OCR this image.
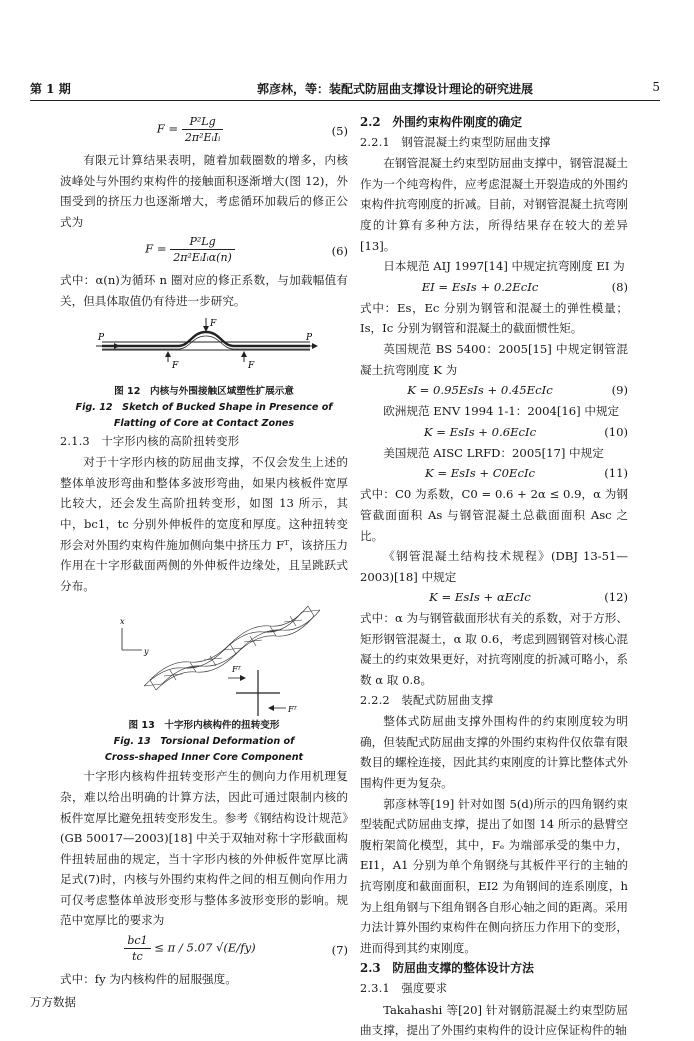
第 1 期	郭彦林，等：装配式防屈曲支撑设计理论的研究进展	5
$F = \frac{\text{P²Lg}}{\text{2π²EᵢIᵢ}}$	(5)

有限元计算结果表明，随着加载圈数的增多，内核波峰处与外围约束构件的接触面积逐渐增大(图 12)，外围受到的挤压力也逐渐增大，考虑循环加载后的修正公式为

$F = \frac{\text{P²Lg}}{\text{2π²EᵢIᵢα(n)}}$	(6)

式中：α(n)为循环 n 圈对应的修正系数，与加载幅值有关，但具体取值仍有待进一步研究。

F
F	F
P	P
图 12　内核与外围接触区域塑性扩展示意
Fig. 12　Sketch of Bucked Shape in Presence of
Flatting of Core at Contact Zones
2.1.3　十字形内核的高阶扭转变形

对于十字形内核的防屈曲支撑，不仅会发生上述的整体单波形弯曲和整体多波形弯曲，如果内核板件宽厚比较大，还会发生高阶扭转变形，如图 13 所示，其中，bc1，tc 分别外伸板件的宽度和厚度。这种扭转变形会对外围约束构件施加侧向集中挤压力 Fᵀ，该挤压力作用在十字形截面两侧的外伸板件边缘处，且呈跳跃式分布。

x
y
Fᵀ
Fᵀ
图 13　十字形内核构件的扭转变形
Fig. 13　Torsional Deformation of
Cross-shaped Inner Core Component

十字形内核构件扭转变形产生的侧向力作用机理复杂，难以给出明确的计算方法，因此可通过限制内核的板件宽厚比避免扭转变形发生。参考《钢结构设计规范》(GB 50017—2003)[18] 中关于双轴对称十字形截面构件扭转屈曲的规定，当十字形内核的外伸板件宽厚比满足式(7)时，内核与外围约束构件之间的相互侧向作用力可仅考虑整体单波形变形与整体多波形变形的影响。规范中宽厚比的要求为

$\frac{bc1}{tc} \le \pi / 5.07$ √(E/fy)	(7)

式中：fy 为内核构件的屈服强度。

2.2　外围约束构件刚度的确定
2.2.1　钢管混凝土约束型防屈曲支撑

在钢管混凝土约束型防屈曲支撑中，钢管混凝土作为一个纯弯构件，应考虑混凝土开裂造成的外围约束构件抗弯刚度的折减。目前，对钢管混凝土抗弯刚度的计算有多种方法，所得结果存在较大的差异[13]。

日本规范 AIJ 1997[14] 中规定抗弯刚度 EI 为

EI = EsIs + 0.2EcIc	(8)

式中：Es，Ec 分别为钢管和混凝土的弹性模量；Is，Ic 分别为钢管和混凝土的截面惯性矩。

英国规范 BS 5400：2005[15] 中规定钢管混凝土抗弯刚度 K 为

K = 0.95EsIs + 0.45EcIc	(9)

欧洲规范 ENV 1994 1-1：2004[16] 中规定

K = EsIs + 0.6EcIc	(10)

美国规范 AISC LRFD：2005[17] 中规定

K = EsIs + C0EcIc	(11)

式中：C0 为系数，C0 = 0.6 + 2α ≤ 0.9，α 为钢管截面面积 As 与钢管混凝土总截面面积 Asc 之比。

《钢管混凝土结构技术规程》(DBJ 13-51—2003)[18] 中规定

K = EsIs + αEcIc	(12)

式中：α 为与钢管截面形状有关的系数，对于方形、矩形钢管混凝土，α 取 0.6，考虑到圆钢管对核心混凝土的约束效果更好，对抗弯刚度的折减可略小，系数 α 取 0.8。

2.2.2　装配式防屈曲支撑

整体式防屈曲支撑外围构件的约束刚度较为明确，但装配式防屈曲支撑的外围约束构件仅依靠有限数目的螺栓连接，因此其约束刚度的计算比整体式外围构件更为复杂。

郭彦林等[19] 针对如图 5(d)所示的四角钢约束型装配式防屈曲支撑，提出了如图 14 所示的悬臂空腹桁架简化模型，其中，Fₑ 为端部承受的集中力，EI1，A1 分别为单个角钢绕与其板件平行的主轴的抗弯刚度和截面面积，EI2 为角钢间的连系刚度，h 为上组角钢与下组角钢各自形心轴之间的距离。采用力法计算外围约束构件在侧向挤压力作用下的变形，进而得到其约束刚度。

2.3　防屈曲支撑的整体设计方法
2.3.1　强度要求

Takahashi 等[20] 针对钢筋混凝土约束型防屈曲支撑，提出了外围约束构件的设计应保证构件的轴

万方数据
